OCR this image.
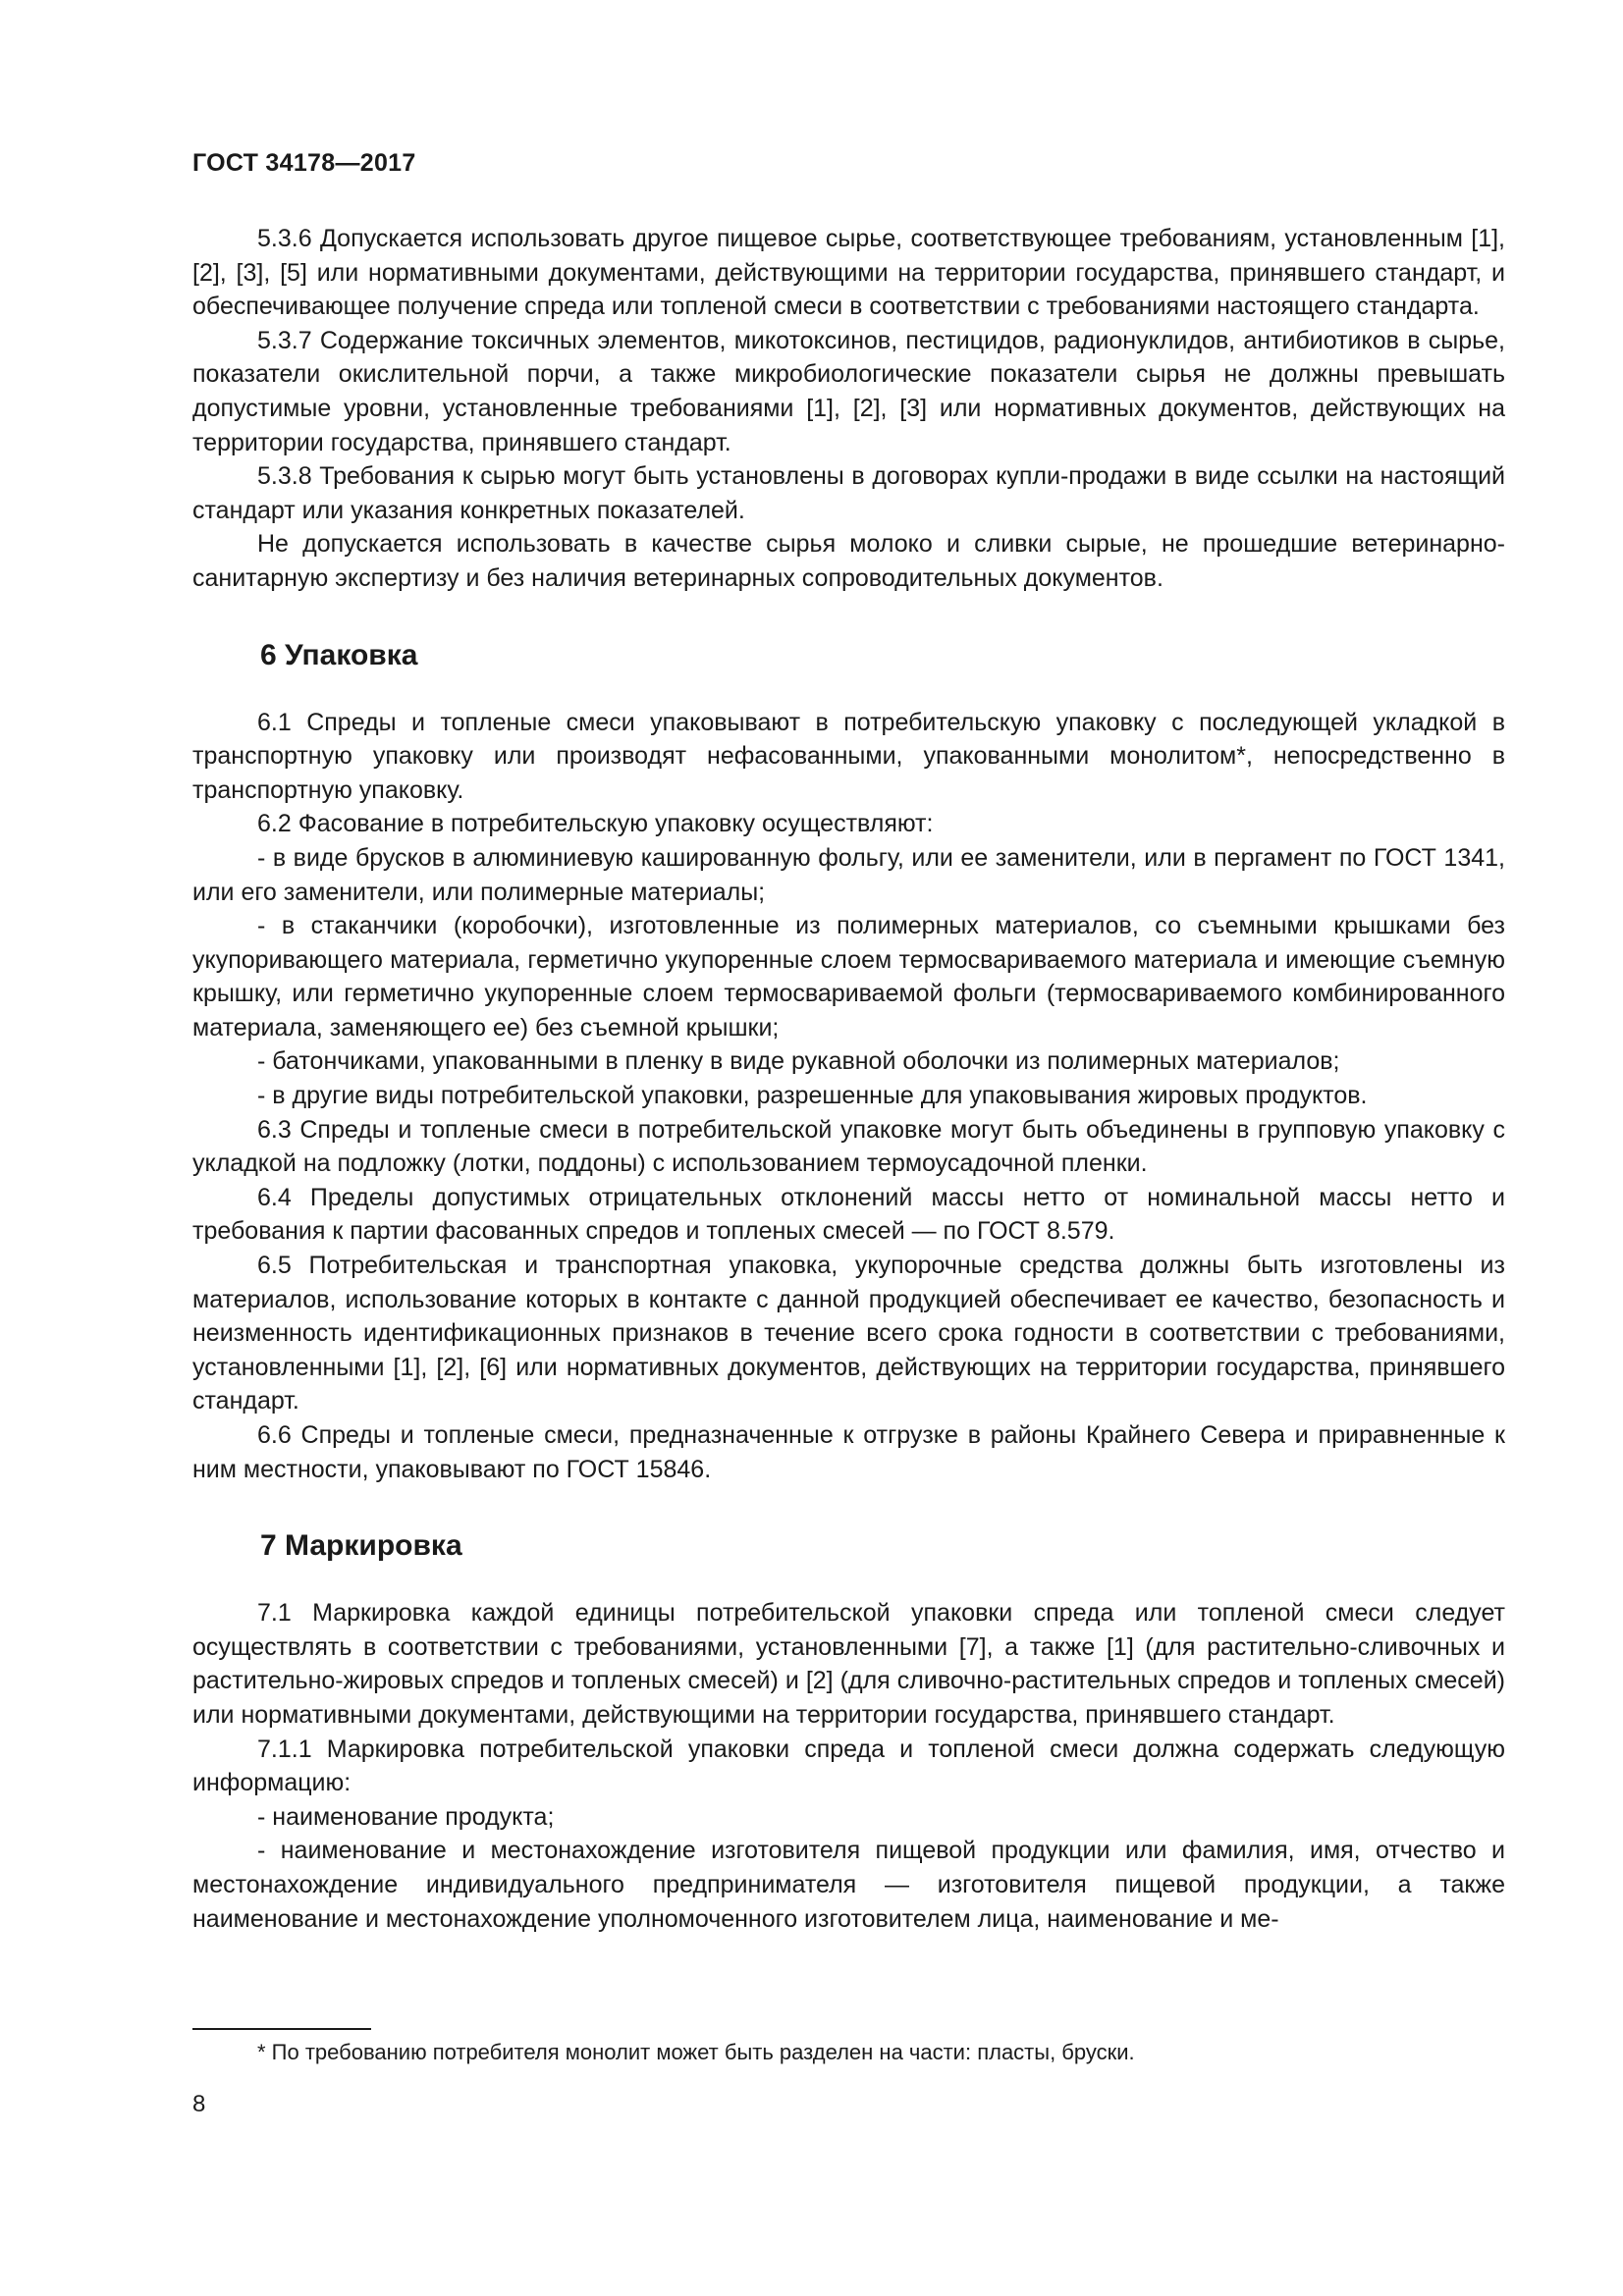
ГОСТ 34178—2017

5.3.6 Допускается использовать другое пищевое сырье, соответствующее требованиям, установленным [1], [2], [3], [5] или нормативными документами, действующими на территории государства, принявшего стандарт, и обеспечивающее получение спреда или топленой смеси в соответствии с требованиями настоящего стандарта.

5.3.7 Содержание токсичных элементов, микотоксинов, пестицидов, радионуклидов, антибиотиков в сырье, показатели окислительной порчи, а также микробиологические показатели сырья не должны превышать допустимые уровни, установленные требованиями [1], [2], [3] или нормативных документов, действующих на территории государства, принявшего стандарт.

5.3.8 Требования к сырью могут быть установлены в договорах купли-продажи в виде ссылки на настоящий стандарт или указания конкретных показателей.

Не допускается использовать в качестве сырья молоко и сливки сырые, не прошедшие ветеринарно-санитарную экспертизу и без наличия ветеринарных сопроводительных документов.

6 Упаковка

6.1 Спреды и топленые смеси упаковывают в потребительскую упаковку с последующей укладкой в транспортную упаковку или производят нефасованными, упакованными монолитом*, непосредственно в транспортную упаковку.

6.2 Фасование в потребительскую упаковку осуществляют:

- в виде брусков в алюминиевую кашированную фольгу, или ее заменители, или в пергамент по ГОСТ 1341, или его заменители, или полимерные материалы;

- в стаканчики (коробочки), изготовленные из полимерных материалов, со съемными крышками без укупоривающего материала, герметично укупоренные слоем термосвариваемого материала и имеющие съемную крышку, или герметично укупоренные слоем термосвариваемой фольги (термосвариваемого комбинированного материала, заменяющего ее) без съемной крышки;

- батончиками, упакованными в пленку в виде рукавной оболочки из полимерных материалов;

- в другие виды потребительской упаковки, разрешенные для упаковывания жировых продуктов.

6.3 Спреды и топленые смеси в потребительской упаковке могут быть объединены в групповую упаковку с укладкой на подложку (лотки, поддоны) с использованием термоусадочной пленки.

6.4 Пределы допустимых отрицательных отклонений массы нетто от номинальной массы нетто и требования к партии фасованных спредов и топленых смесей — по ГОСТ 8.579.

6.5 Потребительская и транспортная упаковка, укупорочные средства должны быть изготовлены из материалов, использование которых в контакте с данной продукцией обеспечивает ее качество, безопасность и неизменность идентификационных признаков в течение всего срока годности в соответствии с требованиями, установленными [1], [2], [6] или нормативных документов, действующих на территории государства, принявшего стандарт.

6.6 Спреды и топленые смеси, предназначенные к отгрузке в районы Крайнего Севера и приравненные к ним местности, упаковывают по ГОСТ 15846.

7 Маркировка

7.1 Маркировка каждой единицы потребительской упаковки спреда или топленой смеси следует осуществлять в соответствии с требованиями, установленными [7], а также [1] (для растительно-сливочных и растительно-жировых спредов и топленых смесей) и [2] (для сливочно-растительных спредов и топленых смесей) или нормативными документами, действующими на территории государства, принявшего стандарт.

7.1.1 Маркировка потребительской упаковки спреда и топленой смеси должна содержать следующую информацию:

- наименование продукта;

- наименование и местонахождение изготовителя пищевой продукции или фамилия, имя, отчество и местонахождение индивидуального предпринимателя — изготовителя пищевой продукции, а также наименование и местонахождение уполномоченного изготовителем лица, наименование и ме-

* По требованию потребителя монолит может быть разделен на части: пласты, бруски.
8
